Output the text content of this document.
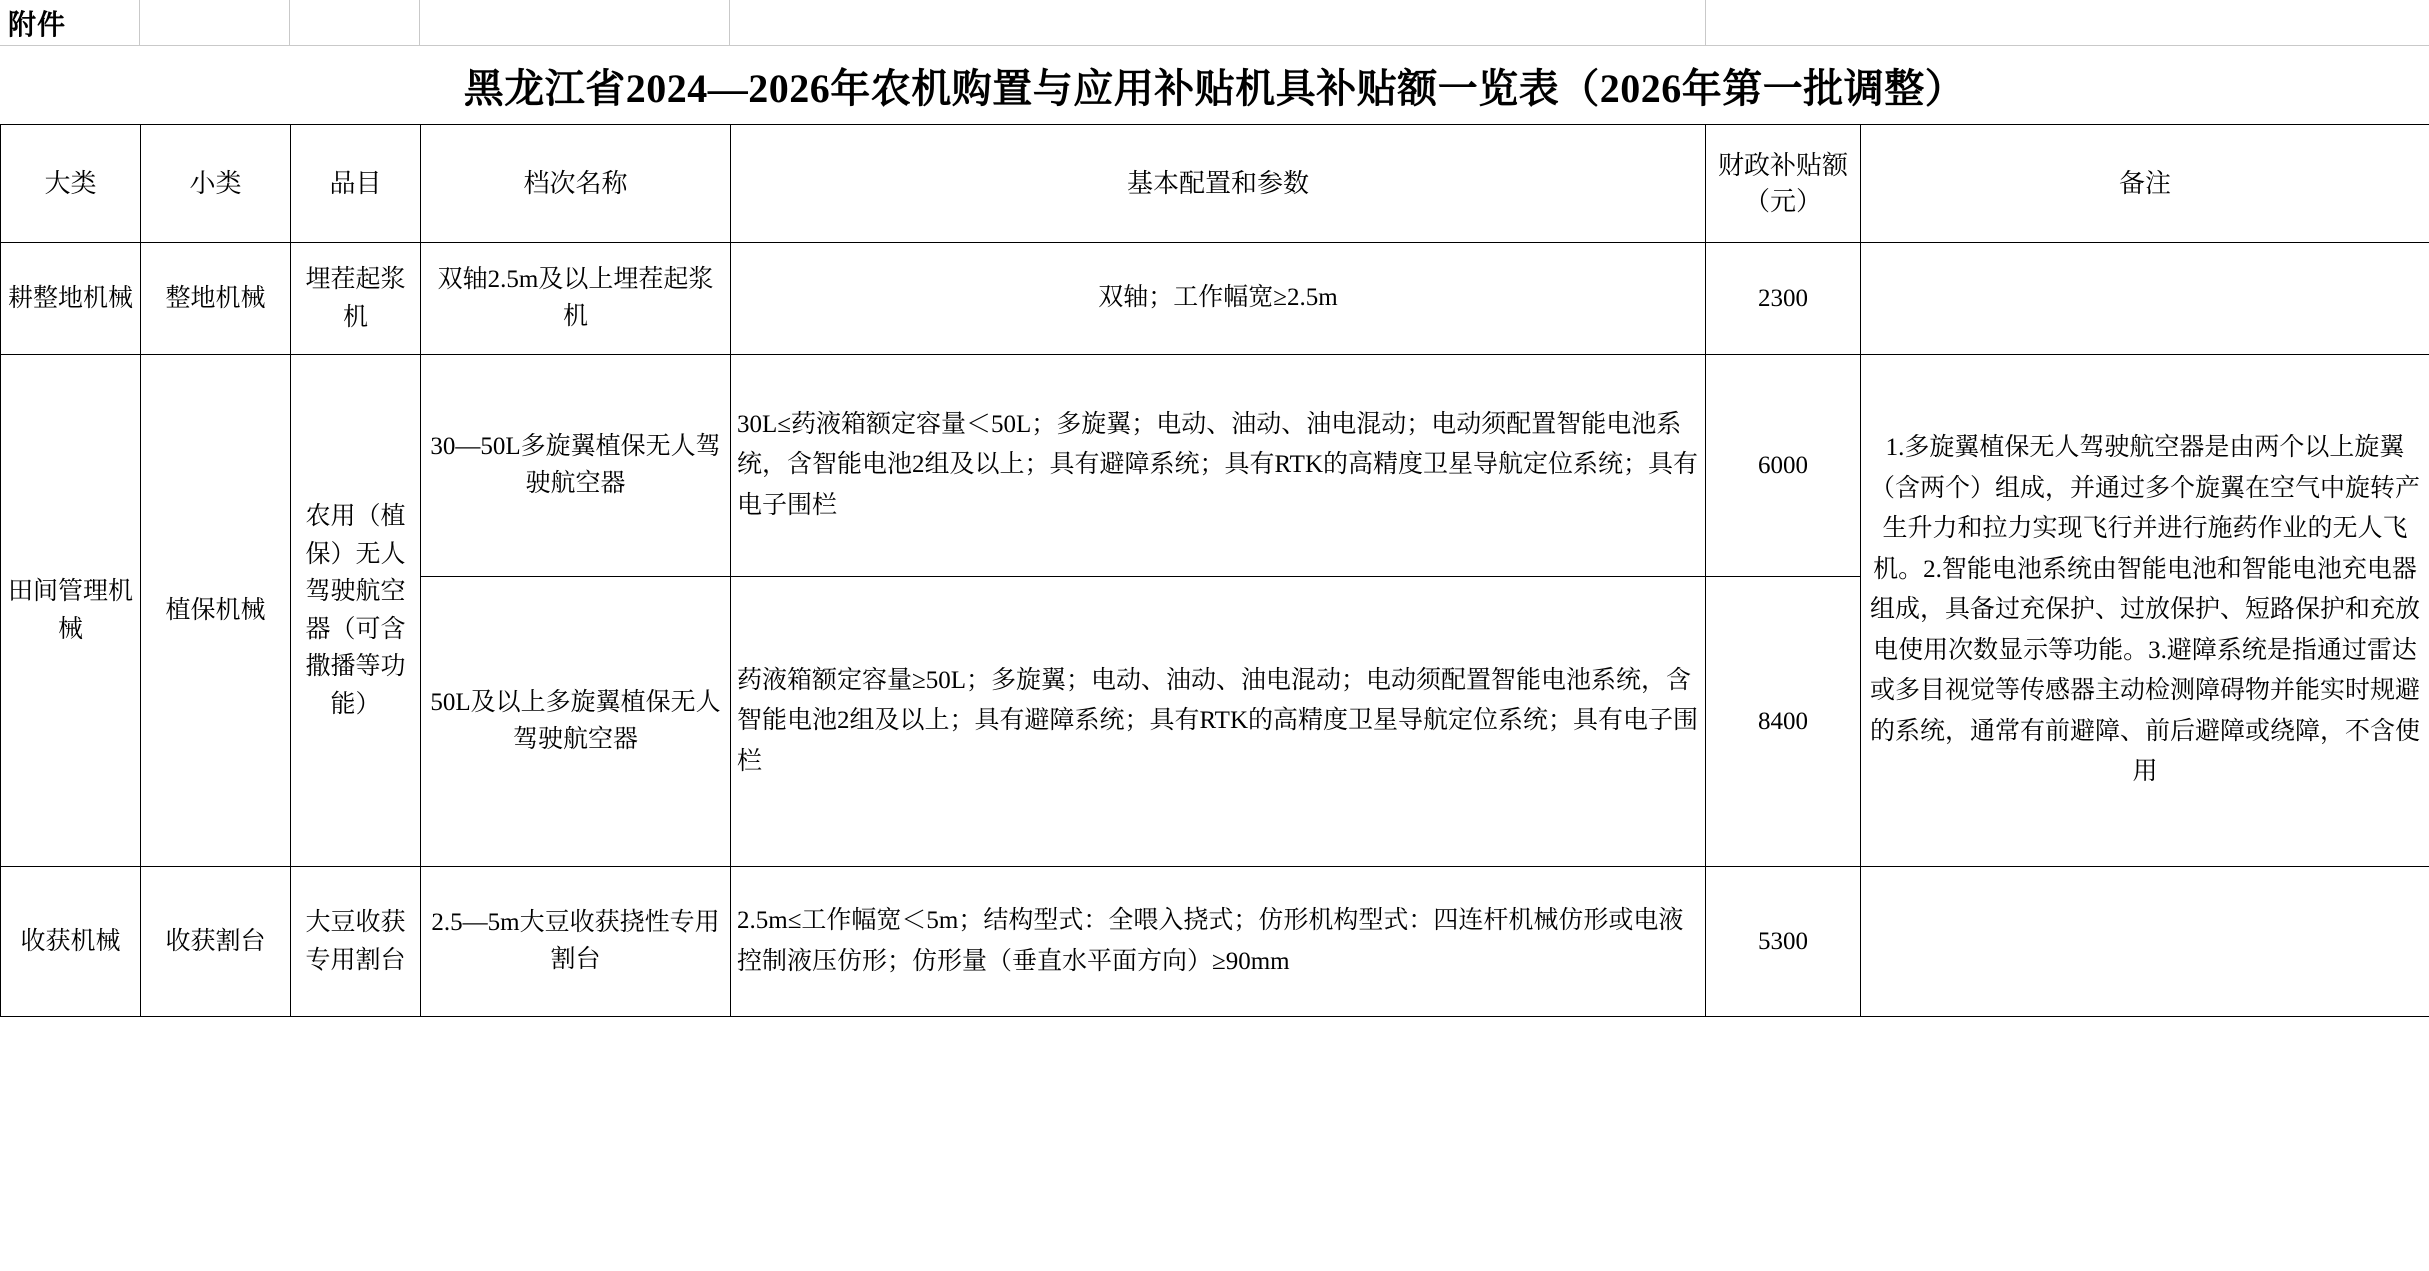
附件
黑龙江省2024—2026年农机购置与应用补贴机具补贴额一览表（2026年第一批调整）
大类	小类	品目	档次名称	基本配置和参数	财政补贴额（元）	备注
耕整地机械	整地机械	埋茬起浆机	双轴2.5m及以上埋茬起浆机	双轴；工作幅宽≥2.5m	2300	
田间管理机械	植保机械	农用（植保）无人驾驶航空器（可含撒播等功能）	30—50L多旋翼植保无人驾驶航空器	30L≤药液箱额定容量＜50L；多旋翼；电动、油动、油电混动；电动须配置智能电池系统，含智能电池2组及以上；具有避障系统；具有RTK的高精度卫星导航定位系统；具有电子围栏	6000	1.多旋翼植保无人驾驶航空器是由两个以上旋翼（含两个）组成，并通过多个旋翼在空气中旋转产生升力和拉力实现飞行并进行施药作业的无人飞机。2.智能电池系统由智能电池和智能电池充电器组成，具备过充保护、过放保护、短路保护和充放电使用次数显示等功能。3.避障系统是指通过雷达或多目视觉等传感器主动检测障碍物并能实时规避的系统，通常有前避障、前后避障或绕障，不含使用
			50L及以上多旋翼植保无人驾驶航空器	药液箱额定容量≥50L；多旋翼；电动、油动、油电混动；电动须配置智能电池系统，含智能电池2组及以上；具有避障系统；具有RTK的高精度卫星导航定位系统；具有电子围栏	8400	
收获机械	收获割台	大豆收获专用割台	2.5—5m大豆收获挠性专用割台	2.5m≤工作幅宽＜5m；结构型式：全喂入挠式；仿形机构型式：四连杆机械仿形或电液控制液压仿形；仿形量（垂直水平面方向）≥90mm	5300	
